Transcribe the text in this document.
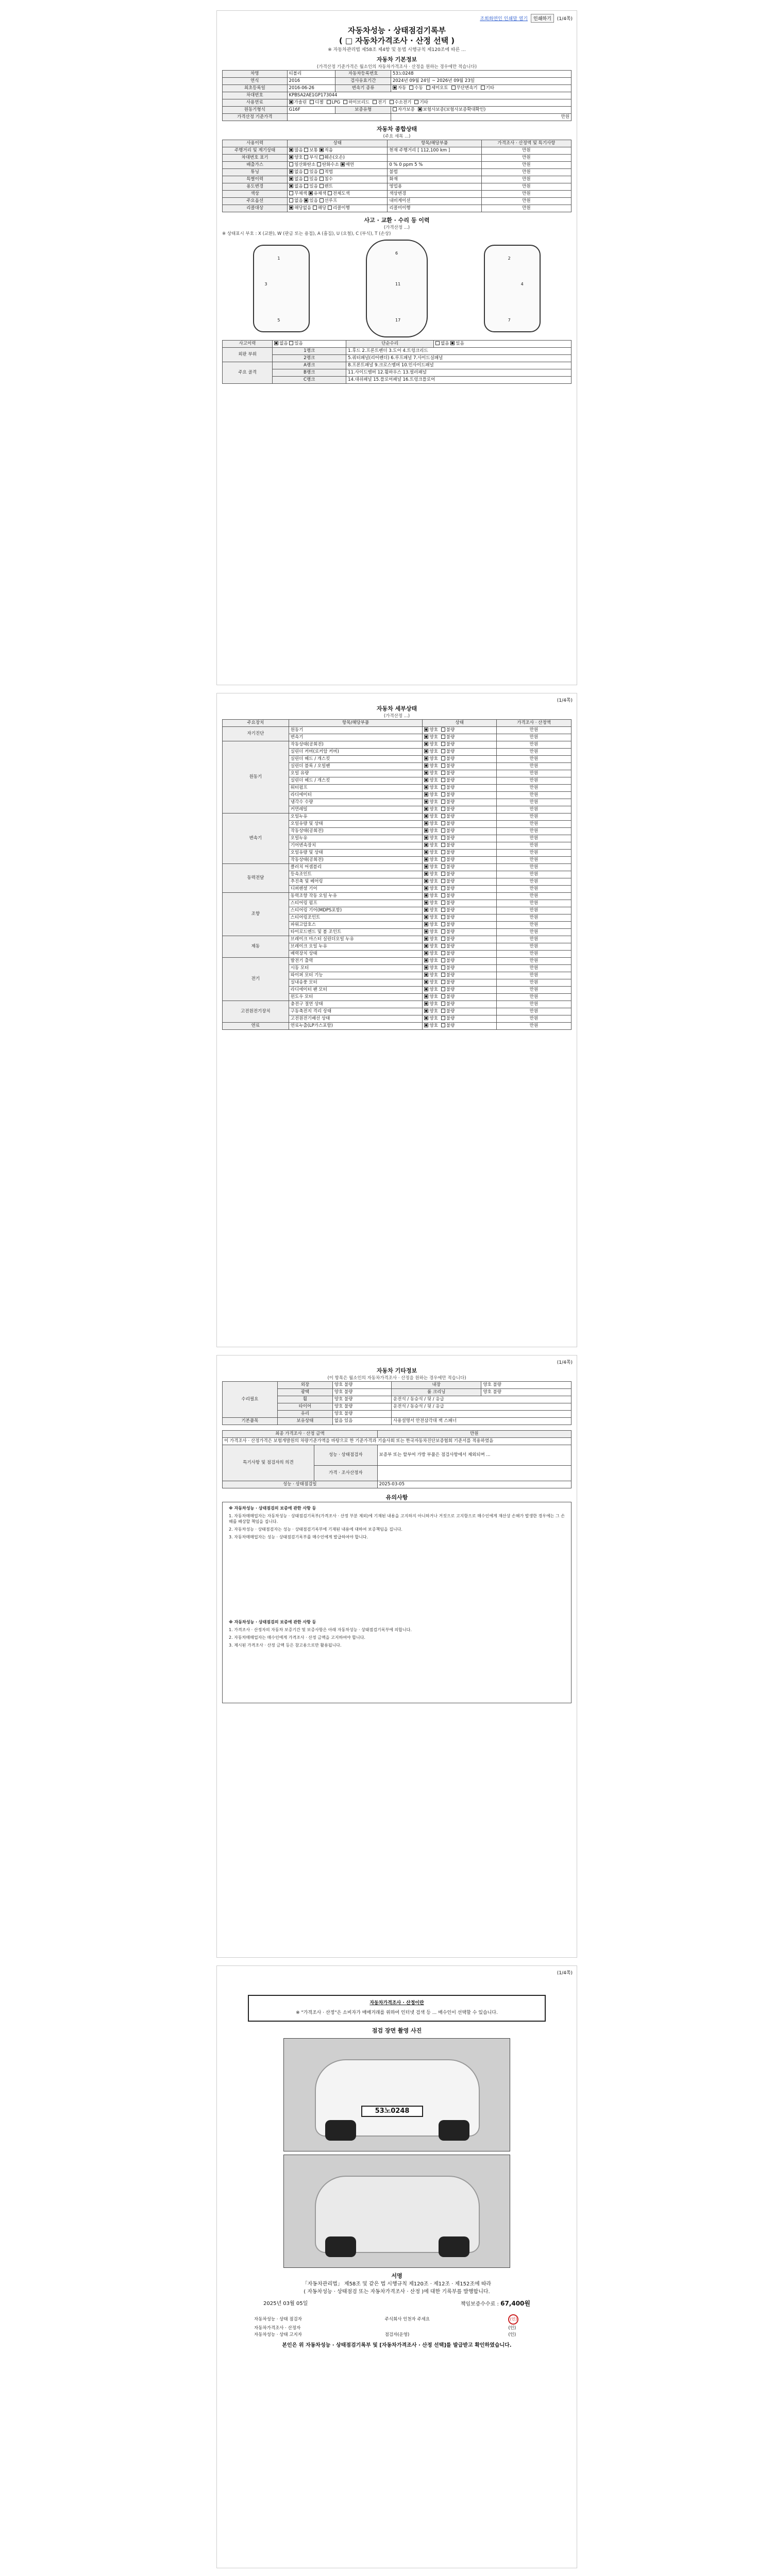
조회화면인 인쇄말 열기	인쇄하기	(1/4쪽)
자동차성능 · 상태점검기록부
( □ 자동차가격조사 · 산정 선택 )
※ 자동차관리법 제58조 제4항 및 동법 시행규칙 제120조에 따른 ...
자동차 기본정보
(가격산정 기준가격은 월소인의 자동차가격조사 · 산정을 원하는 경우에만 적습니다)
차명	티볼리	자동차등록번호	53노0248
연식	2016	검사유효기간	2024년 09월 24일 ~ 2026년 09월 23일
최초등록일	2016-06-26	변속기 종류	자동 수동 세미오토 무단변속기 기타
차대번호	KPBSA2AE1GP173044		
사용연료	가솔린 디젤 LPG 하이브리드 전기 수소전기 기타		
원동기형식	G16F	보증유형	자가보증 보험사보증(보험사보증확대확인)
가격산정 기준가격			만원
자동차 종합상태
(주요 세목 ...)
사용이력	상태	항목/해당부품	가격조사 · 산정액 및 특기사항
주행거리 및 계기상태	많음 보통 적음	현재 주행거리 [ 112,100 km ]	만원
차대번호 표기	양호 부식 훼손(오손)		만원
배출가스	일산화탄소 탄화수소 매연	0 % 0 ppm 5 %	만원
튜닝	없음 있음 적법	불법	만원
특별이력	없음 있음 침수	화재	만원
용도변경	없음 있음 렌트	영업용	만원
색상	무채색 유채색 전체도색	색상변경	만원
주요옵션	없음 있음 선루프	내비게이션	만원
리콜대상	해당없음 해당 리콜이행	리콜미이행	만원
사고 · 교환 · 수리 등 이력
(가격산정 ...)
※ 상태표시 부호 : X (교환), W (판금 또는 용접), A (흠집), U (요철), C (부식), T (손상)
1
3
5
6
11
17
2
4
7
사고이력	없음 있음	단순수리	없음 있음
외판 부위	1랭크	1.후드 2.프론트펜더 3.도어 4.트렁크리드	
	2랭크	5.쿼터패널(리어펜더) 6.루프패널 7.사이드실패널	
주요 골격	A랭크	8.프론트패널 9.크로스멤버 10.인사이드패널	
	B랭크	11.사이드멤버 12.휠하우스 13.필러패널	
	C랭크	14.대쉬패널 15.플로어패널 16.트렁크플로어	
(1/4쪽)
자동차 세부상태
(가격산정 ...)
주요장치	항목/해당부품	상태	가격조사 · 산정액
자기진단	원동기	양호 불량	만원
	변속기	양호 불량	만원
원동기	작동상태(공회전)	양호 불량	만원
	실린더 커버(로커암 커버)	양호 불량	만원
	실린더 헤드 / 개스킷	양호 불량	만원
	실린더 블록 / 오일팬	양호 불량	만원
	오일 유량	양호 불량	만원
	실린더 헤드 / 개스킷	양호 불량	만원
	워터펌프	양호 불량	만원
	라디에이터	양호 불량	만원
	냉각수 수량	양호 불량	만원
	커먼레일	양호 불량	만원
변속기	오일누유	양호 불량	만원
	오일유량 및 상태	양호 불량	만원
	작동상태(공회전)	양호 불량	만원
	오일누유	양호 불량	만원
	기어변속장치	양호 불량	만원
	오일유량 및 상태	양호 불량	만원
	작동상태(공회전)	양호 불량	만원
동력전달	클러치 어셈블리	양호 불량	만원
	등속조인트	양호 불량	만원
	추진축 및 베어링	양호 불량	만원
	디퍼렌셜 기어	양호 불량	만원
조향	동력조향 작동 오일 누유	양호 불량	만원
	스티어링 펌프	양호 불량	만원
	스티어링 기어(MDPS포함)	양호 불량	만원
	스티어링조인트	양호 불량	만원
	파워고압호스	양호 불량	만원
	타이로드엔드 및 볼 조인트	양호 불량	만원
제동	브레이크 마스터 실린더오일 누유	양호 불량	만원
	브레이크 오일 누유	양호 불량	만원
	배력장치 상태	양호 불량	만원
전기	발전기 출력	양호 불량	만원
	시동 모터	양호 불량	만원
	와이퍼 모터 기능	양호 불량	만원
	실내송풍 모터	양호 불량	만원
	라디에이터 팬 모터	양호 불량	만원
	윈도우 모터	양호 불량	만원
고전원전기장치	충전구 절연 상태	양호 불량	만원
	구동축전지 격리 상태	양호 불량	만원
	고전원전기배선 상태	양호 불량	만원
연료	연료누출(LP가스포함)	양호 불량	만원
(1/4쪽)
자동차 기타정보
(이 항목은 월소인의 자동차가격조사 · 산정을 원하는 경우에만 적습니다)
수리필요	외장	양호 불량	내장	양호 불량
	광택	양호 불량	룸 크리닝	양호 불량
	휠	양호 불량	운전석 / 동승석 / 뒷 / 응급	
	타이어	양호 불량	운전석 / 동승석 / 뒷 / 응급	
	유리	양호 불량		
기본품목	보유상태	없음 있음	사용설명서 안전삼각대 잭 스패너	
최종 가격조사 · 산정 금액		만원
이 가격조사 · 산정가격은 보험개발원의 차량기준가액을 바탕으로 한 기준가격과 기술사회 또는 한국자동차진단보증협회 기준서를 적용하였음		
특기사항 및 점검자의 의견	성능 · 상태점검자	보증부 또는 할부여 가방 부품은 점검사항에서 제외되며 ...
	가격 · 조사산정자	
성능 · 상태점검일		2025-03-05
유의사항
※ 자동차성능 · 상태점검의 보증에 관한 사항 등
1. 자동차매매업자는 자동차성능 · 상태점검기록부(가격조사 · 산정 부분 제외)에 기재된 내용을 고지하지 아니하거나 거짓으로 고지함으로 매수인에게 재산상 손해가 발생한 경우에는 그 손해를 배상할 책임을 집니다.
2. 자동차성능 · 상태점검자는 성능 · 상태점검기록부에 기재된 내용에 대하여 보증책임을 집니다.
3. 자동차매매업자는 성능 · 상태점검기록부를 매수인에게 발급하여야 합니다.
※ 자동차성능 · 상태점검의 보증에 관한 사항 등
1. 가격조사 · 산정자의 자동차 보증기간 및 보증사항은 아래 자동차성능 · 상태점검기록부에 의합니다.
2. 자동차매매업자는 매수인에게 가격조사 · 산정 금액을 고지하여야 합니다.
3. 제시된 가격조사 · 산정 금액 등은 참고용으로만 활용됩니다.
(1/4쪽)
자동차가격조사 · 산정이란
※ "가격조사 · 산정"은 소비자가 매매거래를 위하여 인터넷 검색 등 ... 매수인이 선택할 수 있습니다.
점검 장면 촬영 사진
53노0248
서명
「자동차관리법」 제58조 및 같은 법 시행규칙 제120조 · 제12조 · 제152조에 따라
( 자동차성능 · 상태점검 또는 자동차가격조사 · 산정 )에 대한 기록부를 발행합니다.
2025년 03월 05일	책임보증수수료 : 67,400원
자동차성능 · 상태 점검자	주식회사 인천자 주세요	(인)
자동차가격조사 · 산정자		(인)
자동차성능 · 상태 고지자	점검자(운영)	(인)
본인은 위 자동차성능 · 상태점검기록부 및 [자동차가격조사 · 산정 선택]를 발급받고 확인하였습니다.
